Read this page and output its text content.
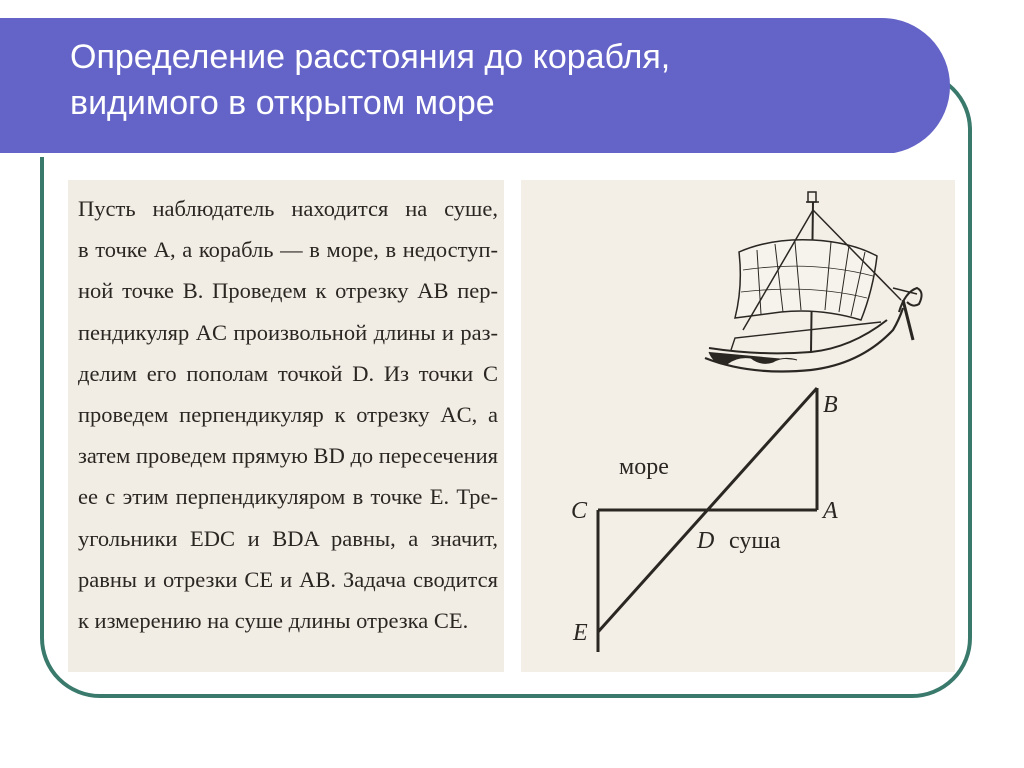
Определение расстояния до корабля,
видимого в открытом море
Пусть наблюдатель находится на суше,
в точке A, а корабль — в море, в недоступ-
ной точке B. Проведем к отрезку AB пер-
пендикуляр AC произвольной длины и раз-
делим его пополам точкой D. Из точки C
проведем перпендикуляр к отрезку AC, а
затем проведем прямую BD до пересечения
ее с этим перпендикуляром в точке E. Тре-
угольники EDC и BDA равны, а значит,
равны и отрезки CE и AB. Задача сводится
к измерению на суше длины отрезка CE.
B
A
C
D
E
море
суша
